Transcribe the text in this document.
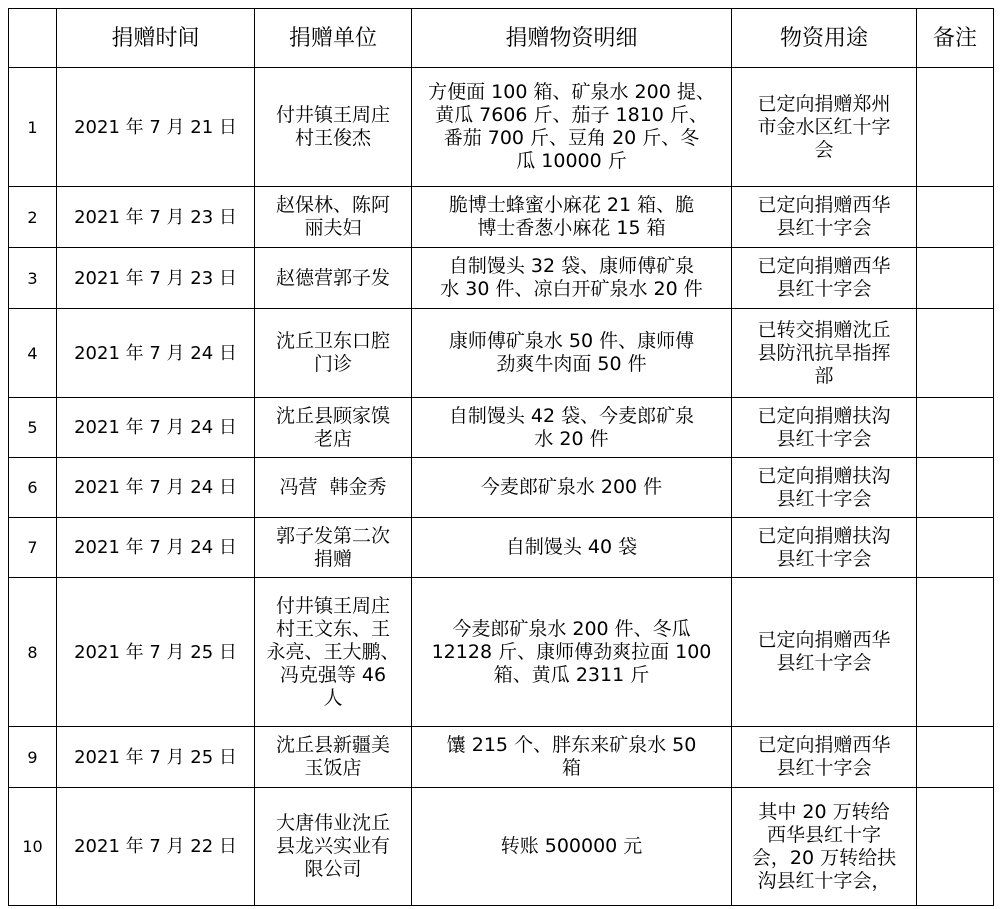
	捐赠时间	捐赠单位	捐赠物资明细	物资用途	备注
1	2021 年 7 月 21 日	付井镇王周庄
村王俊杰	方便面 100 箱、矿泉水 200 提、
黄瓜 7606 斤、茄子 1810 斤、
番茄 700 斤、豆角 20 斤、冬
瓜 10000 斤	已定向捐赠郑州
市金水区红十字
会	
2	2021 年 7 月 23 日	赵保林、陈阿
丽夫妇	脆博士蜂蜜小麻花 21 箱、脆
博士香葱小麻花 15 箱	已定向捐赠西华
县红十字会	
3	2021 年 7 月 23 日	赵德营郭子发	自制馒头 32 袋、康师傅矿泉
水 30 件、凉白开矿泉水 20 件	已定向捐赠西华
县红十字会	
4	2021 年 7 月 24 日	沈丘卫东口腔
门诊	康师傅矿泉水 50 件、康师傅
劲爽牛肉面 50 件	已转交捐赠沈丘
县防汛抗旱指挥
部	
5	2021 年 7 月 24 日	沈丘县顾家馍
老店	自制馒头 42 袋、今麦郎矿泉
水 20 件	已定向捐赠扶沟
县红十字会	
6	2021 年 7 月 24 日	冯营  韩金秀	今麦郎矿泉水 200 件	已定向捐赠扶沟
县红十字会	
7	2021 年 7 月 24 日	郭子发第二次
捐赠	自制馒头 40 袋	已定向捐赠扶沟
县红十字会	
8	2021 年 7 月 25 日	付井镇王周庄
村王文东、王
永亮、王大鹏、
冯克强等 46
人	今麦郎矿泉水 200 件、冬瓜
12128 斤、康师傅劲爽拉面 100
箱、黄瓜 2311 斤	已定向捐赠西华
县红十字会	
9	2021 年 7 月 25 日	沈丘县新疆美
玉饭店	馕 215 个、胖东来矿泉水 50
箱	已定向捐赠西华
县红十字会	
10	2021 年 7 月 22 日	大唐伟业沈丘
县龙兴实业有
限公司	转账 500000 元	其中 20 万转给
西华县红十字
会，20 万转给扶
沟县红十字会，	
